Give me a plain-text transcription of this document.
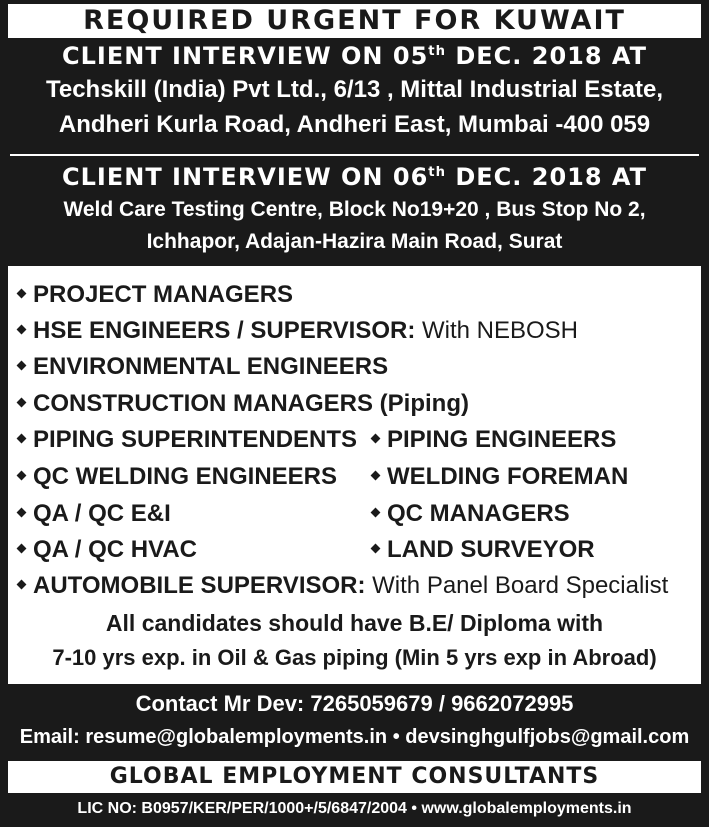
REQUIRED URGENT FOR KUWAIT
CLIENT INTERVIEW ON 05th DEC. 2018 AT
Techskill (India) Pvt Ltd., 6/13 , Mittal Industrial Estate,
Andheri Kurla Road, Andheri East, Mumbai -400 059
CLIENT INTERVIEW ON 06th DEC. 2018 AT
Weld Care Testing Centre, Block No19+20 , Bus Stop No 2,
Ichhapor, Adajan-Hazira Main Road, Surat
PROJECT MANAGERS
HSE ENGINEERS / SUPERVISOR: With NEBOSH
ENVIRONMENTAL ENGINEERS
CONSTRUCTION MANAGERS (Piping)
PIPING SUPERINTENDENTS	PIPING ENGINEERS
QC WELDING ENGINEERS	WELDING FOREMAN
QA / QC E&I	QC MANAGERS
QA / QC HVAC	LAND SURVEYOR
AUTOMOBILE SUPERVISOR: With Panel Board Specialist
All candidates should have B.E/ Diploma with
7-10 yrs exp. in Oil & Gas piping (Min 5 yrs exp in Abroad)
Contact Mr Dev: 7265059679 / 9662072995
Email: resume@globalemployments.in • devsinghgulfjobs@gmail.com
GLOBAL EMPLOYMENT CONSULTANTS
LIC NO: B0957/KER/PER/1000+/5/6847/2004 • www.globalemployments.in
